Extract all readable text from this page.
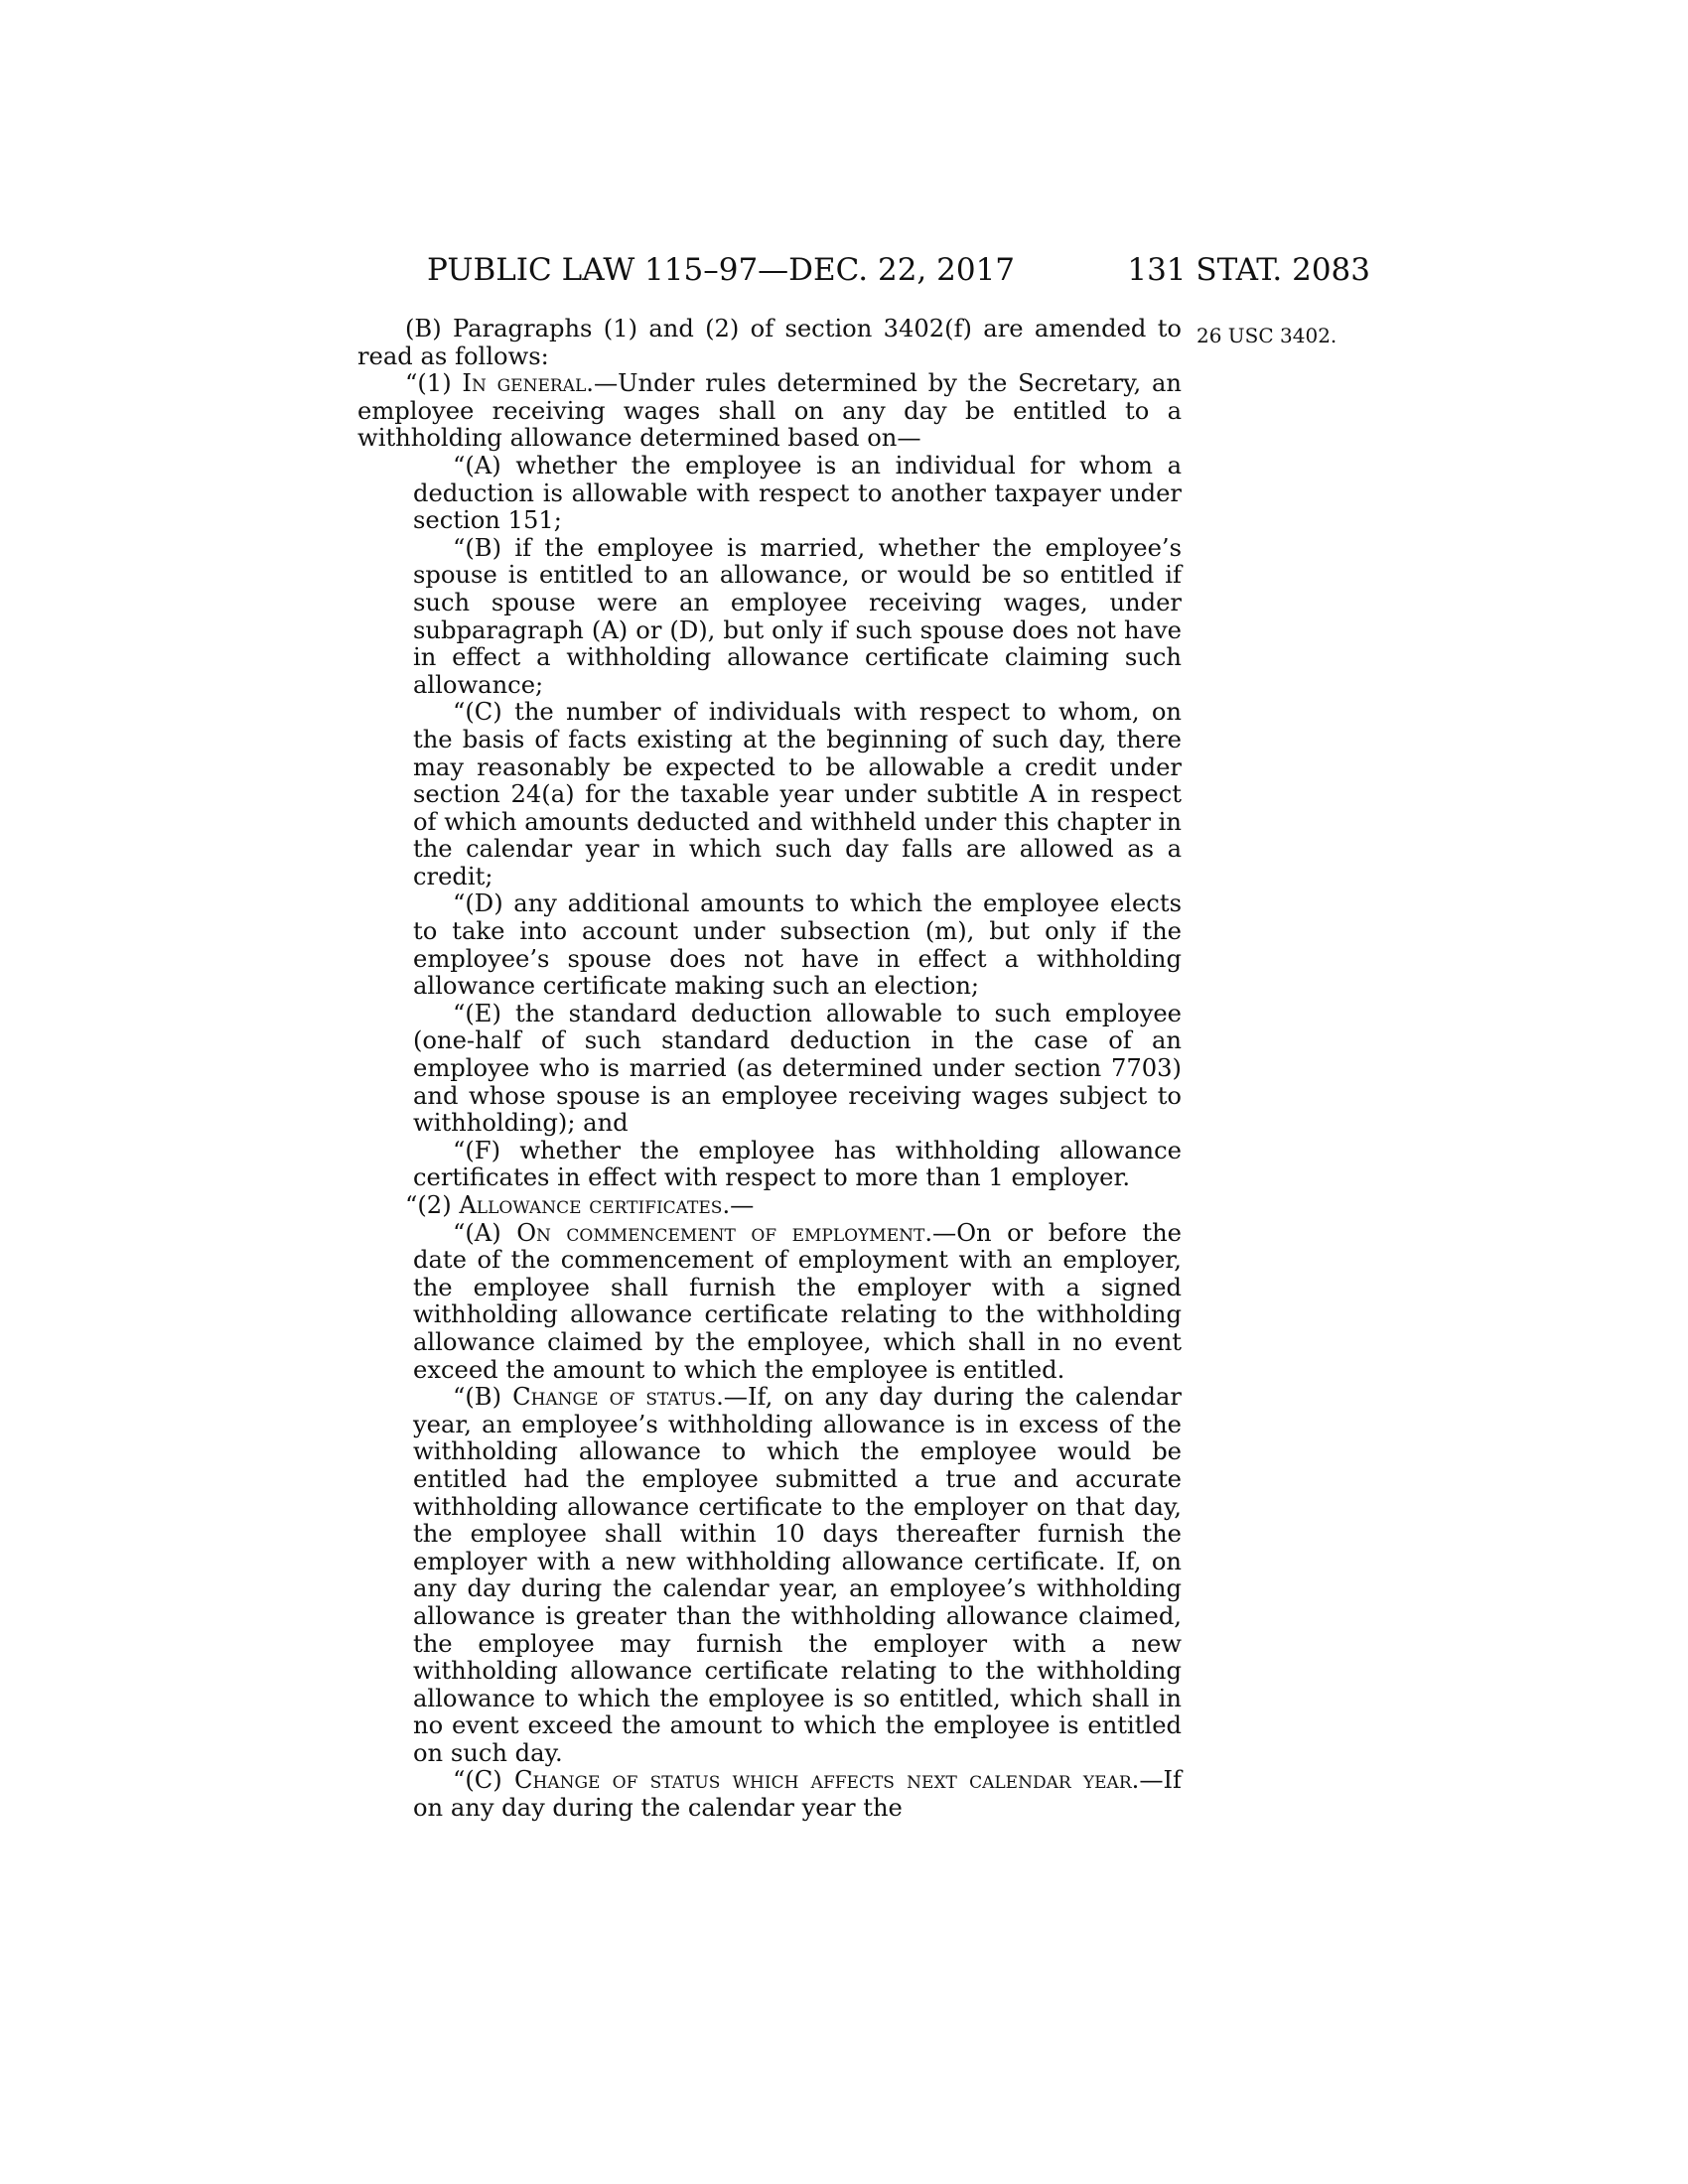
PUBLIC LAW 115–97—DEC. 22, 2017	131 STAT. 2083
26 USC 3402.

(B) Paragraphs (1) and (2) of section 3402(f) are amended to read as follows:

“(1) In general.—Under rules determined by the Secretary, an employee receiving wages shall on any day be entitled to a withholding allowance determined based on—

“(A) whether the employee is an individual for whom a deduction is allowable with respect to another taxpayer under section 151;

“(B) if the employee is married, whether the employee’s spouse is entitled to an allowance, or would be so entitled if such spouse were an employee receiving wages, under subparagraph (A) or (D), but only if such spouse does not have in effect a withholding allowance certificate claiming such allowance;

“(C) the number of individuals with respect to whom, on the basis of facts existing at the beginning of such day, there may reasonably be expected to be allowable a credit under section 24(a) for the taxable year under subtitle A in respect of which amounts deducted and withheld under this chapter in the calendar year in which such day falls are allowed as a credit;

“(D) any additional amounts to which the employee elects to take into account under subsection (m), but only if the employee’s spouse does not have in effect a withholding allowance certificate making such an election;

“(E) the standard deduction allowable to such employee (one-half of such standard deduction in the case of an employee who is married (as determined under section 7703) and whose spouse is an employee receiving wages subject to withholding); and

“(F) whether the employee has withholding allowance certificates in effect with respect to more than 1 employer.

“(2) Allowance certificates.—

“(A) On commencement of employment.—On or before the date of the commencement of employment with an employer, the employee shall furnish the employer with a signed withholding allowance certificate relating to the withholding allowance claimed by the employee, which shall in no event exceed the amount to which the employee is entitled.

“(B) Change of status.—If, on any day during the calendar year, an employee’s withholding allowance is in excess of the withholding allowance to which the employee would be entitled had the employee submitted a true and accurate withholding allowance certificate to the employer on that day, the employee shall within 10 days thereafter furnish the employer with a new withholding allowance certificate. If, on any day during the calendar year, an employee’s withholding allowance is greater than the withholding allowance claimed, the employee may furnish the employer with a new withholding allowance certificate relating to the withholding allowance to which the employee is so entitled, which shall in no event exceed the amount to which the employee is entitled on such day.

“(C) Change of status which affects next calendar year.—If on any day during the calendar year the
